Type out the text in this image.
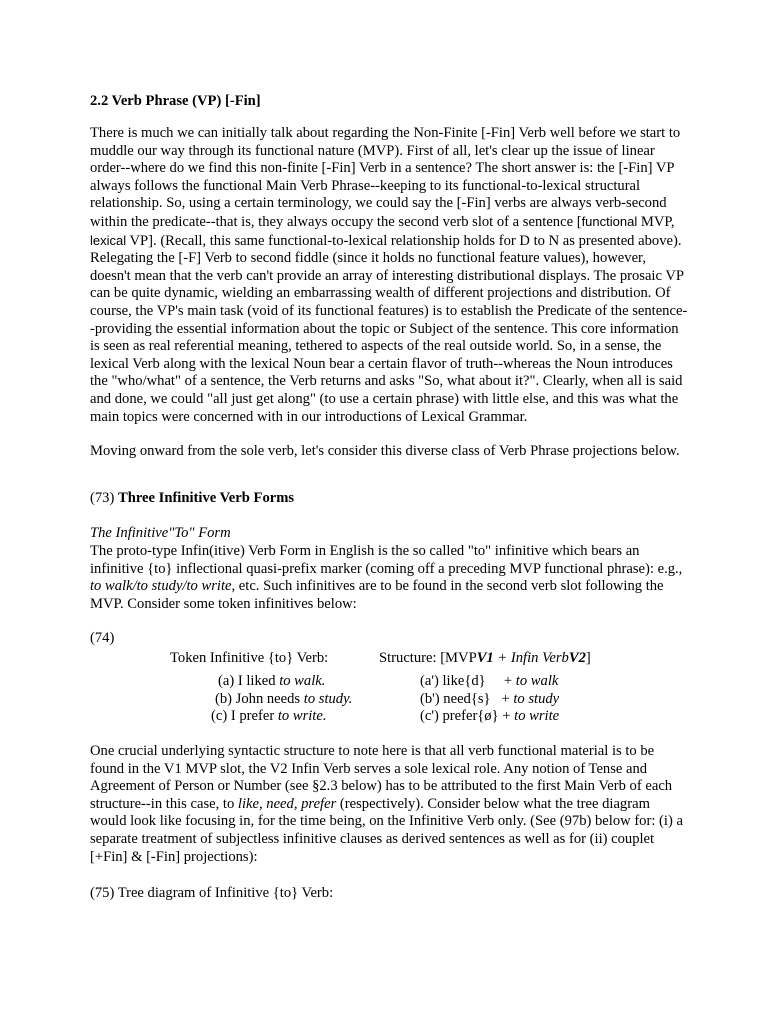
2.2 Verb Phrase (VP) [-Fin]

There is much we can initially talk about regarding the Non-Finite [-Fin] Verb well before we start to muddle our way through its functional nature (MVP). First of all, let's clear up the issue of linear order--where do we find this non-finite [-Fin] Verb in a sentence? The short answer is: the [-Fin] VP always follows the functional Main Verb Phrase--keeping to its functional-to-lexical structural relationship. So, using a certain terminology, we could say the [-Fin] verbs are always verb-second within the predicate--that is, they always occupy the second verb slot of a sentence [functional MVP, lexical VP]. (Recall, this same functional-to-lexical relationship holds for D to N as presented above). Relegating the [-F] Verb to second fiddle (since it holds no functional feature values), however, doesn't mean that the verb can't provide an array of interesting distributional displays. The prosaic VP can be quite dynamic, wielding an embarrassing wealth of different projections and distribution. Of course, the VP's main task (void of its functional features) is to establish the Predicate of the sentence--providing the essential information about the topic or Subject of the sentence. This core information is seen as real referential meaning, tethered to aspects of the real outside world. So, in a sense, the lexical Verb along with the lexical Noun bear a certain flavor of truth--whereas the Noun introduces the "who/what" of a sentence, the Verb returns and asks "So, what about it?". Clearly, when all is said and done, we could "all just get along" (to use a certain phrase) with little else, and this was what the main topics were concerned with in our introductions of Lexical Grammar.

Moving onward from the sole verb, let's consider this diverse class of Verb Phrase projections below.

(73) Three Infinitive Verb Forms

The Infinitive"To" Form

The proto-type Infin(itive) Verb Form in English is the so called "to" infinitive which bears an infinitive {to} inflectional quasi-prefix marker (coming off a preceding MVP functional phrase): e.g., to walk/to study/to write, etc. Such infinitives are to be found in the second verb slot following the MVP. Consider some token infinitives below:

(74)

Token Infinitive {to} Verb:	Structure: [MVPV1 + Infin VerbV2]
(a) I liked to walk.
(b) John needs to study.
(c) I prefer to write.
(a') like{d}     + to walk
(b') need{s}   + to study
(c') prefer{ø} + to write

One crucial underlying syntactic structure to note here is that all verb functional material is to be found in the V1 MVP slot, the V2 Infin Verb serves a sole lexical role. Any notion of Tense and Agreement of Person or Number (see §2.3 below) has to be attributed to the first Main Verb of each structure--in this case, to like, need, prefer (respectively). Consider below what the tree diagram would look like focusing in, for the time being, on the Infinitive Verb only. (See (97b) below for: (i) a separate treatment of subjectless infinitive clauses as derived sentences as well as for (ii) couplet [+Fin] & [-Fin] projections):

(75) Tree diagram of Infinitive {to} Verb:
